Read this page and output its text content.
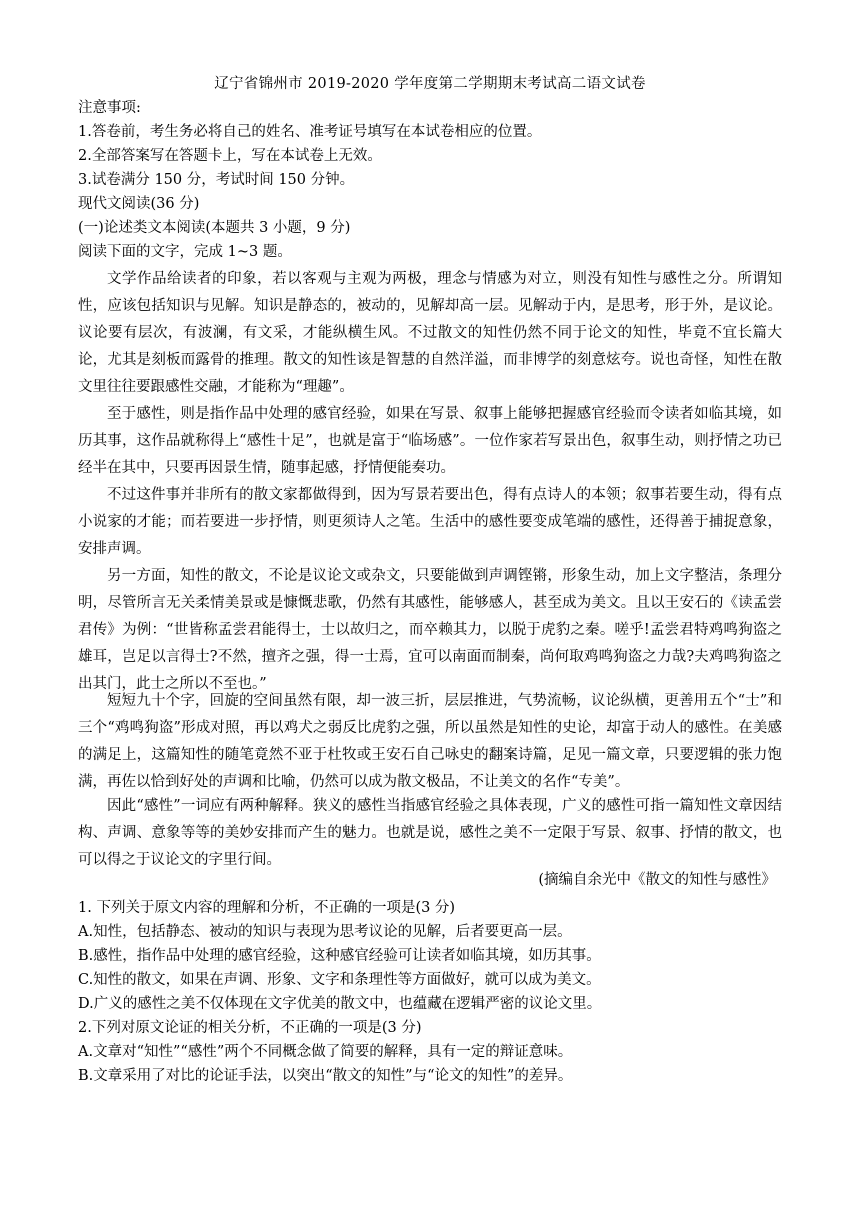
辽宁省锦州市 2019-2020 学年度第二学期期末考试高二语文试卷
注意事项:
1.答卷前，考生务必将自己的姓名、准考证号填写在本试卷相应的位置。
2.全部答案写在答题卡上，写在本试卷上无效。
3.试卷满分 150 分，考试时间 150 分钟。
现代文阅读(36 分)
(一)论述类文本阅读(本题共 3 小题，9 分)
阅读下面的文字，完成 1~3 题。
文学作品给读者的印象，若以客观与主观为两极，理念与情感为对立，则没有知性与感性之分。所谓知性，应该包括知识与见解。知识是静态的，被动的，见解却高一层。见解动于内，是思考，形于外，是议论。议论要有层次，有波澜，有文采，才能纵横生风。不过散文的知性仍然不同于论文的知性，毕竟不宜长篇大论，尤其是刻板而露骨的推理。散文的知性该是智慧的自然洋溢，而非博学的刻意炫夸。说也奇怪，知性在散文里往往要跟感性交融，才能称为“理趣”。
至于感性，则是指作品中处理的感官经验，如果在写景、叙事上能够把握感官经验而令读者如临其境，如历其事，这作品就称得上“感性十足”，也就是富于“临场感”。一位作家若写景出色，叙事生动，则抒情之功已经半在其中，只要再因景生情，随事起感，抒情便能奏功。
不过这件事并非所有的散文家都做得到，因为写景若要出色，得有点诗人的本领；叙事若要生动，得有点小说家的才能；而若要进一步抒情，则更须诗人之笔。生活中的感性要变成笔端的感性，还得善于捕捉意象，安排声调。
另一方面，知性的散文，不论是议论文或杂文，只要能做到声调铿锵，形象生动，加上文字整洁，条理分明，尽管所言无关柔情美景或是慷慨悲歌，仍然有其感性，能够感人，甚至成为美文。且以王安石的《读孟尝君传》为例：“世皆称孟尝君能得士，士以故归之，而卒赖其力，以脱于虎豹之秦。嗟乎!孟尝君特鸡鸣狗盗之雄耳，岂足以言得士?不然，擅齐之强，得一士焉，宜可以南面而制秦，尚何取鸡鸣狗盗之力哉?夫鸡鸣狗盗之出其门，此士之所以不至也。”
短短九十个字，回旋的空间虽然有限，却一波三折，层层推进，气势流畅，议论纵横，更善用五个“士”和三个“鸡鸣狗盗”形成对照，再以鸡犬之弱反比虎豹之强，所以虽然是知性的史论，却富于动人的感性。在美感的满足上，这篇知性的随笔竟然不亚于杜牧或王安石自己咏史的翻案诗篇，足见一篇文章，只要逻辑的张力饱满，再佐以恰到好处的声调和比喻，仍然可以成为散文极品，不让美文的名作“专美”。
因此“感性”一词应有两种解释。狭义的感性当指感官经验之具体表现，广义的感性可指一篇知性文章因结构、声调、意象等等的美妙安排而产生的魅力。也就是说，感性之美不一定限于写景、叙事、抒情的散文，也可以得之于议论文的字里行间。
(摘编自余光中《散文的知性与感性》
1. 下列关于原文内容的理解和分析，不正确的一项是(3 分)
A.知性，包括静态、被动的知识与表现为思考议论的见解，后者要更高一层。
B.感性，指作品中处理的感官经验，这种感官经验可让读者如临其境，如历其事。
C.知性的散文，如果在声调、形象、文字和条理性等方面做好，就可以成为美文。
D.广义的感性之美不仅体现在文字优美的散文中，也蕴藏在逻辑严密的议论文里。
2.下列对原文论证的相关分析，不正确的一项是(3 分)
A.文章对“知性”“感性”两个不同概念做了简要的解释，具有一定的辩证意味。
B.文章采用了对比的论证手法，以突出“散文的知性”与“论文的知性”的差异。
